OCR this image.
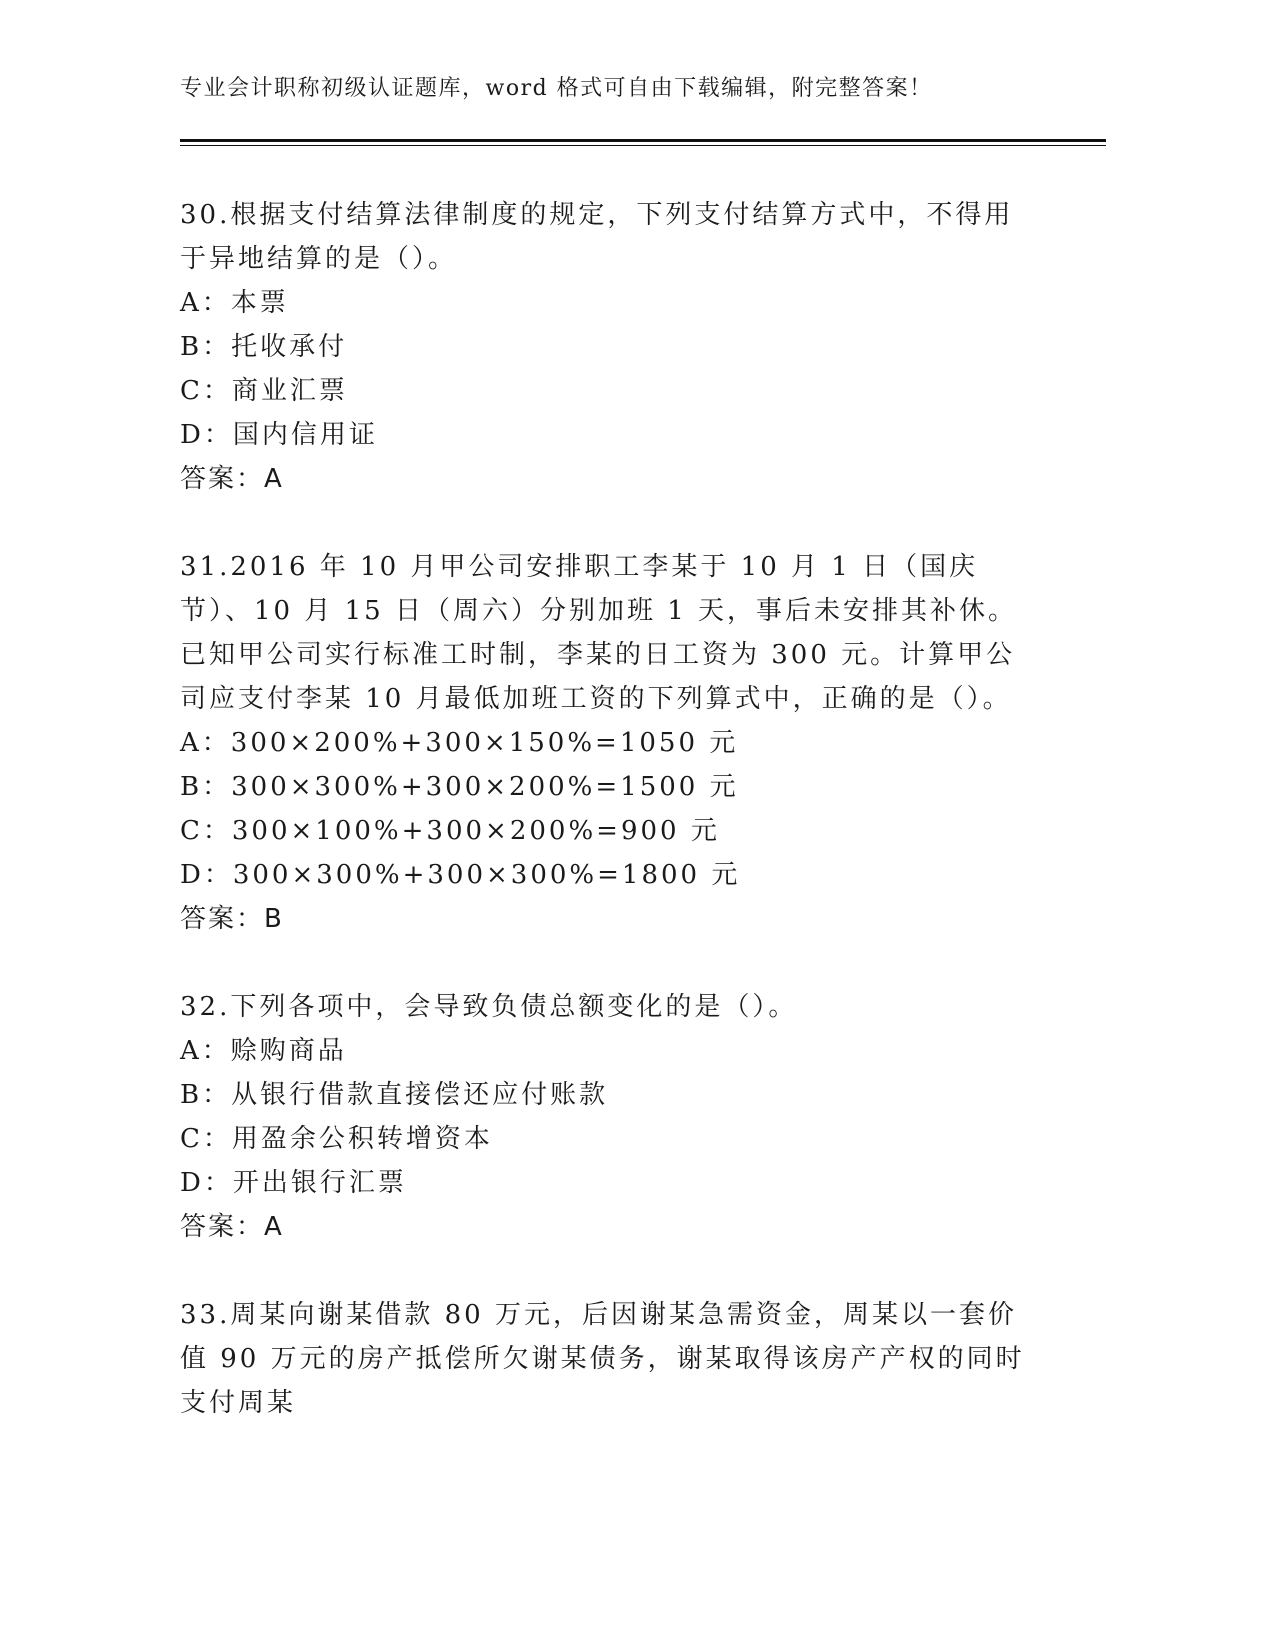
专业会计职称初级认证题库，word 格式可自由下载编辑，附完整答案！

30.根据支付结算法律制度的规定，下列支付结算方式中，不得用于异地结算的是（）。

A：本票

B：托收承付

C：商业汇票

D：国内信用证

答案：A

31.2016 年 10 月甲公司安排职工李某于 10 月 1 日（国庆节）、10 月 15 日（周六）分别加班 1 天，事后未安排其补休。已知甲公司实行标准工时制，李某的日工资为 300 元。计算甲公司应支付李某 10 月最低加班工资的下列算式中，正确的是（）。

A：300×200%+300×150%=1050 元

B：300×300%+300×200%=1500 元

C：300×100%+300×200%=900 元

D：300×300%+300×300%=1800 元

答案：B

32.下列各项中，会导致负债总额变化的是（）。

A：赊购商品

B：从银行借款直接偿还应付账款

C：用盈余公积转增资本

D：开出银行汇票

答案：A

33.周某向谢某借款 80 万元，后因谢某急需资金，周某以一套价值 90 万元的房产抵偿所欠谢某债务，谢某取得该房产产权的同时支付周某
